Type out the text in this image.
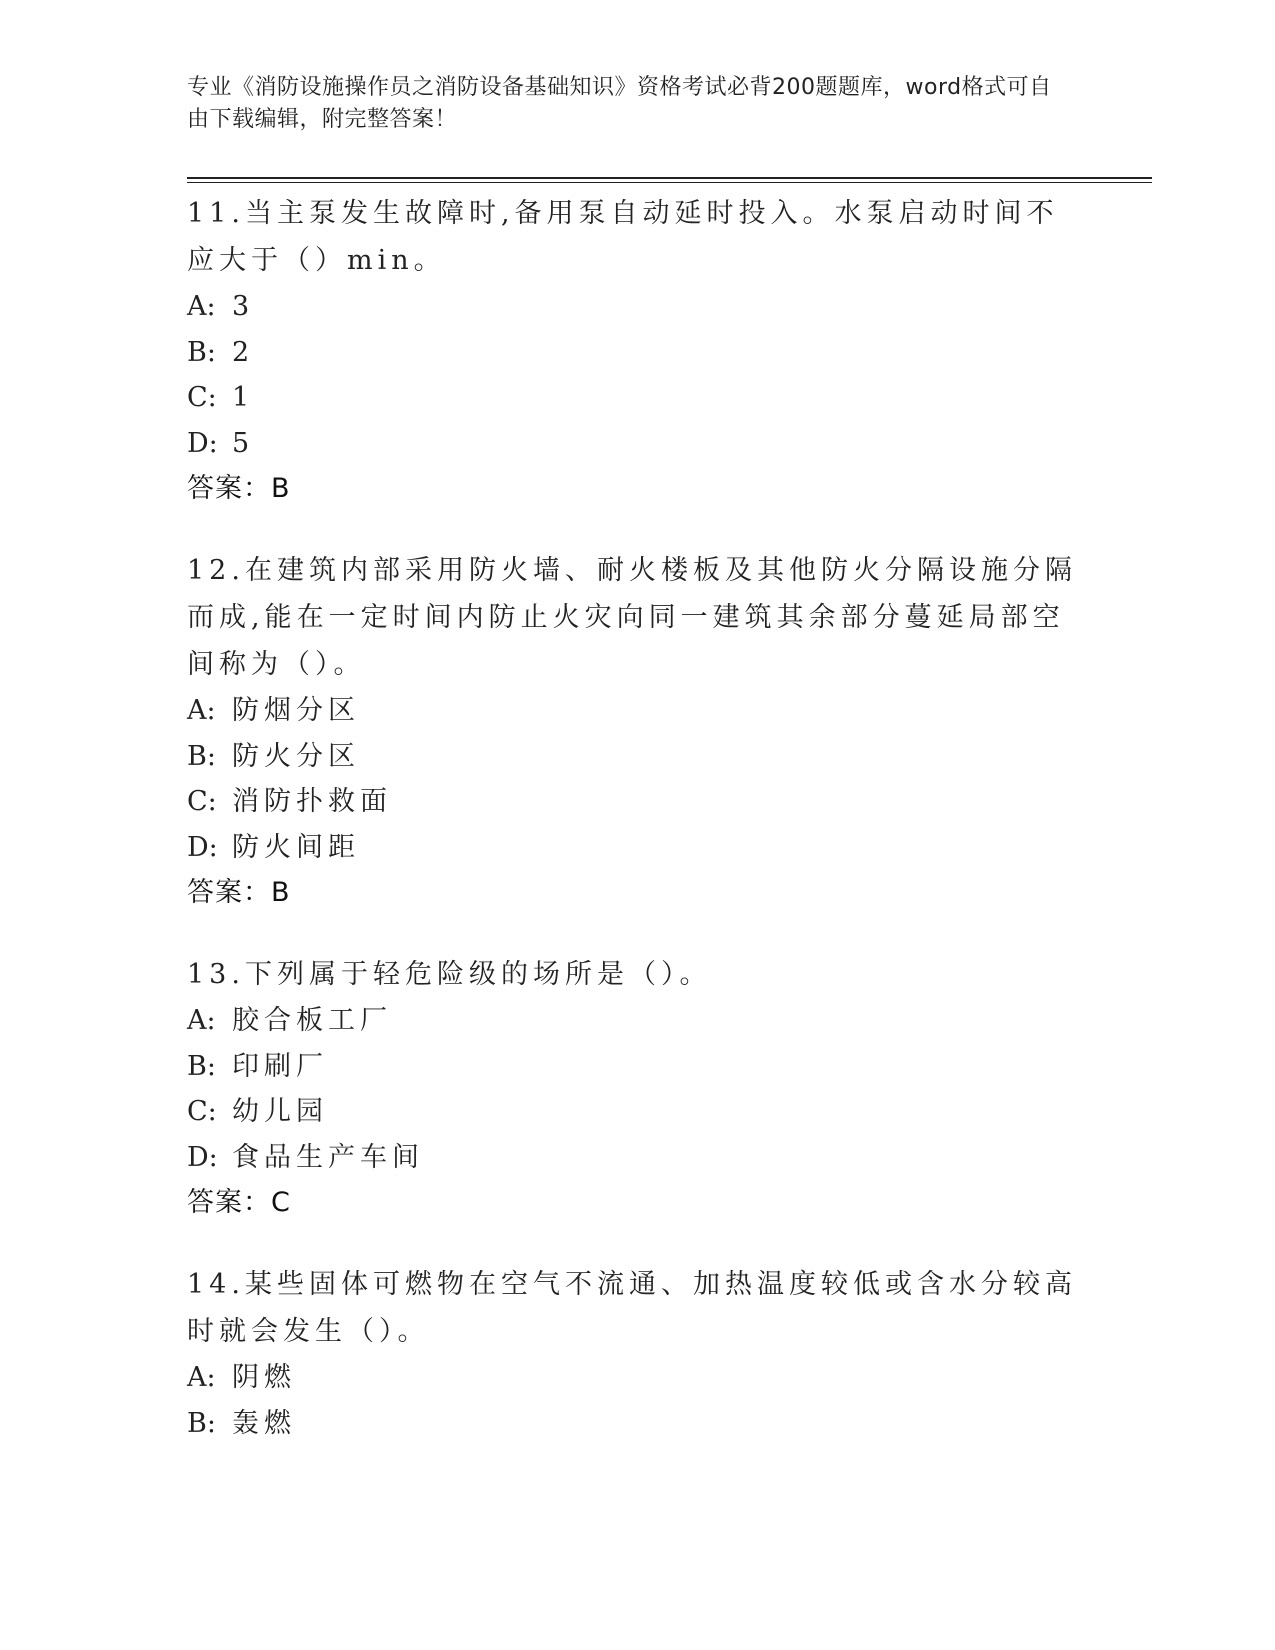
专业《消防设施操作员之消防设备基础知识》资格考试必背200题题库，word格式可自由下载编辑，附完整答案！
11.当主泵发生故障时,备用泵自动延时投入。水泵启动时间不应大于（）min。
A: 3
B: 2
C: 1
D: 5
答案：B
12.在建筑内部采用防火墙、耐火楼板及其他防火分隔设施分隔而成,能在一定时间内防止火灾向同一建筑其余部分蔓延局部空间称为（）。
A: 防烟分区
B: 防火分区
C: 消防扑救面
D: 防火间距
答案：B
13.下列属于轻危险级的场所是（）。
A: 胶合板工厂
B: 印刷厂
C: 幼儿园
D: 食品生产车间
答案：C
14.某些固体可燃物在空气不流通、加热温度较低或含水分较高时就会发生（）。
A: 阴燃
B: 轰燃
